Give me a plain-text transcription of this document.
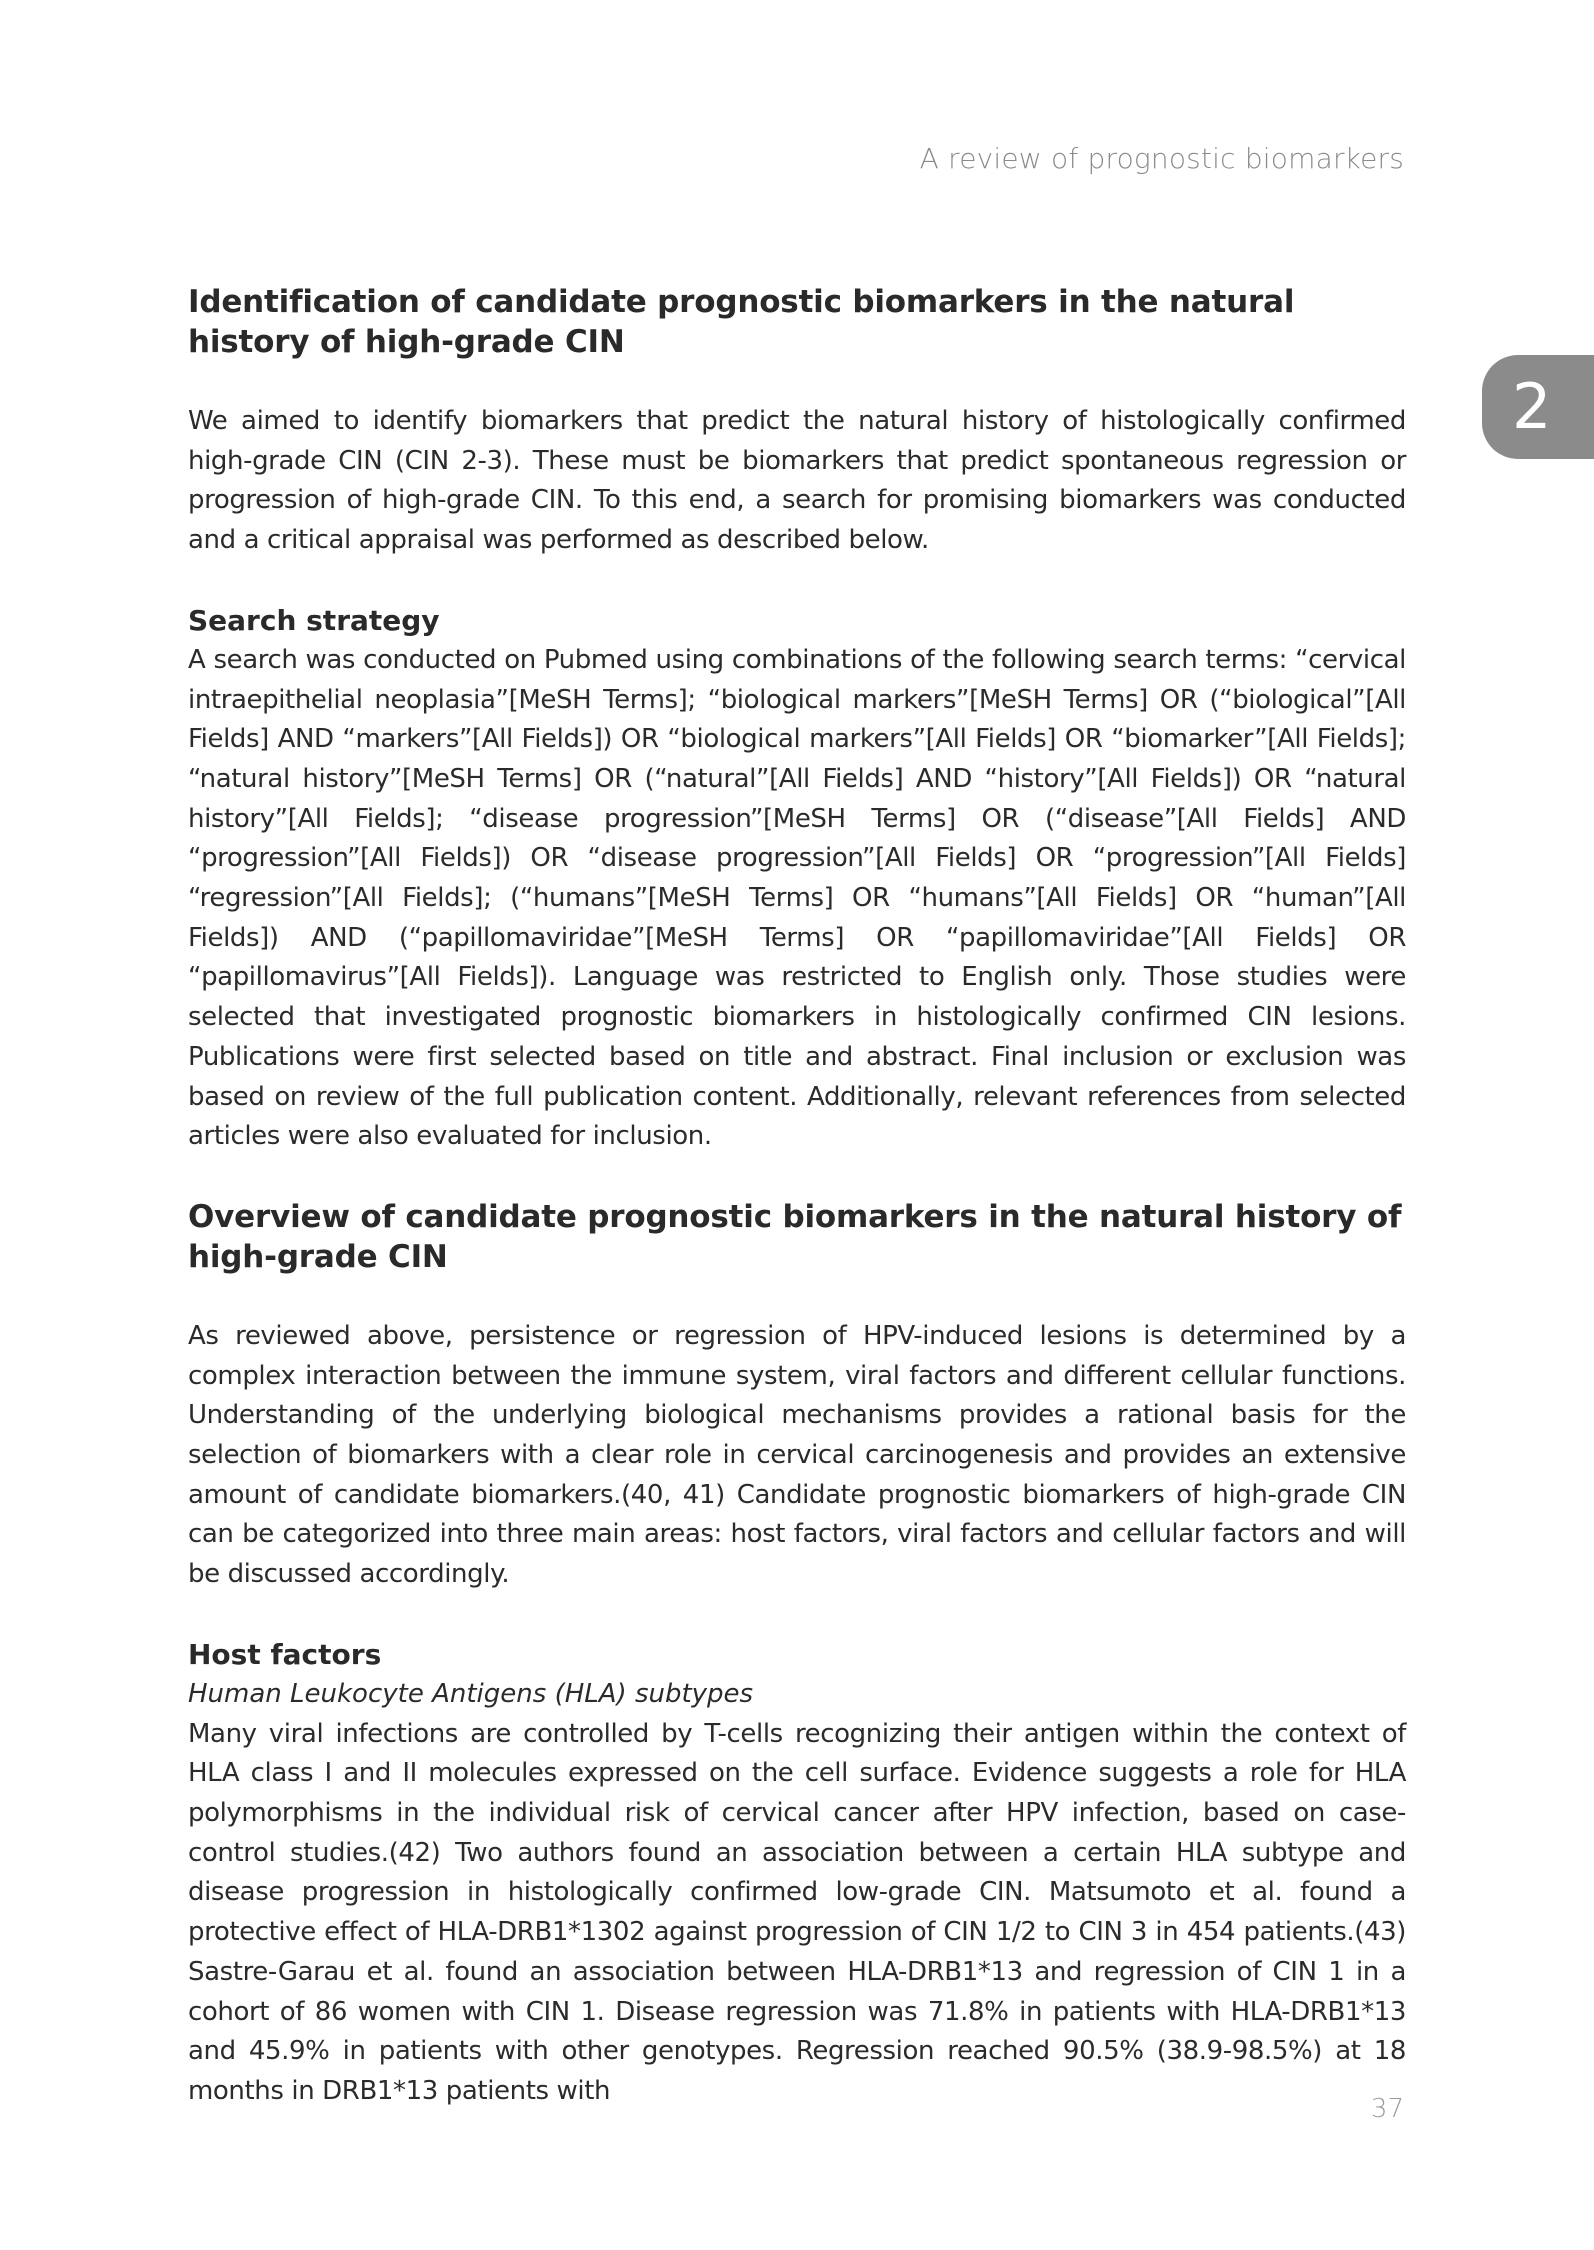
A review of prognostic biomarkers
2
Identification of candidate prognostic biomarkers in the natural history of high-grade CIN

We aimed to identify biomarkers that predict the natural history of histologically confirmed high-grade CIN (CIN 2-3). These must be biomarkers that predict spontaneous regression or progression of high-grade CIN. To this end, a search for promising biomarkers was conducted and a critical appraisal was performed as described below.

Search strategy

A search was conducted on Pubmed using combinations of the following search terms: “cervical intraepithelial neoplasia”[MeSH Terms]; “biological markers”[MeSH Terms] OR (“biological”[All Fields] AND “markers”[All Fields]) OR “biological markers”[All Fields] OR “biomarker”[All Fields]; “natural history”[MeSH Terms] OR (“natural”[All Fields] AND “history”[All Fields]) OR “natural history”[All Fields]; “disease progression”[MeSH Terms] OR (“disease”[All Fields] AND “progression”[All Fields]) OR “disease progression”[All Fields] OR “progression”[All Fields] “regression”[All Fields]; (“humans”[MeSH Terms] OR “humans”[All Fields] OR “human”[All Fields]) AND (“papillomaviridae”[MeSH Terms] OR “papillomaviridae”[All Fields] OR “papillomavirus”[All Fields]). Language was restricted to English only. Those studies were selected that investigated prognostic biomarkers in histologically confirmed CIN lesions. Publications were first selected based on title and abstract. Final inclusion or exclusion was based on review of the full publication content. Additionally, relevant references from selected articles were also evaluated for inclusion.

Overview of candidate prognostic biomarkers in the natural history of high-grade CIN

As reviewed above, persistence or regression of HPV-induced lesions is determined by a complex interaction between the immune system, viral factors and different cellular functions. Understanding of the underlying biological mechanisms provides a rational basis for the selection of biomarkers with a clear role in cervical carcinogenesis and provides an extensive amount of candidate biomarkers.(40, 41) Candidate prognostic biomarkers of high-grade CIN can be categorized into three main areas: host factors, viral factors and cellular factors and will be discussed accordingly.

Host factors
Human Leukocyte Antigens (HLA) subtypes

Many viral infections are controlled by T-cells recognizing their antigen within the context of HLA class I and II molecules expressed on the cell surface. Evidence suggests a role for HLA polymorphisms in the individual risk of cervical cancer after HPV infection, based on case-control studies.(42) Two authors found an association between a certain HLA subtype and disease progression in histologically confirmed low-grade CIN. Matsumoto et al. found a protective effect of HLA-DRB1*1302 against progression of CIN 1/2 to CIN 3 in 454 patients.(43) Sastre-Garau et al. found an association between HLA-DRB1*13 and regression of CIN 1 in a cohort of 86 women with CIN 1. Disease regression was 71.8% in patients with HLA-DRB1*13 and 45.9% in patients with other genotypes. Regression reached 90.5% (38.9-98.5%) at 18 months in DRB1*13 patients with

37
